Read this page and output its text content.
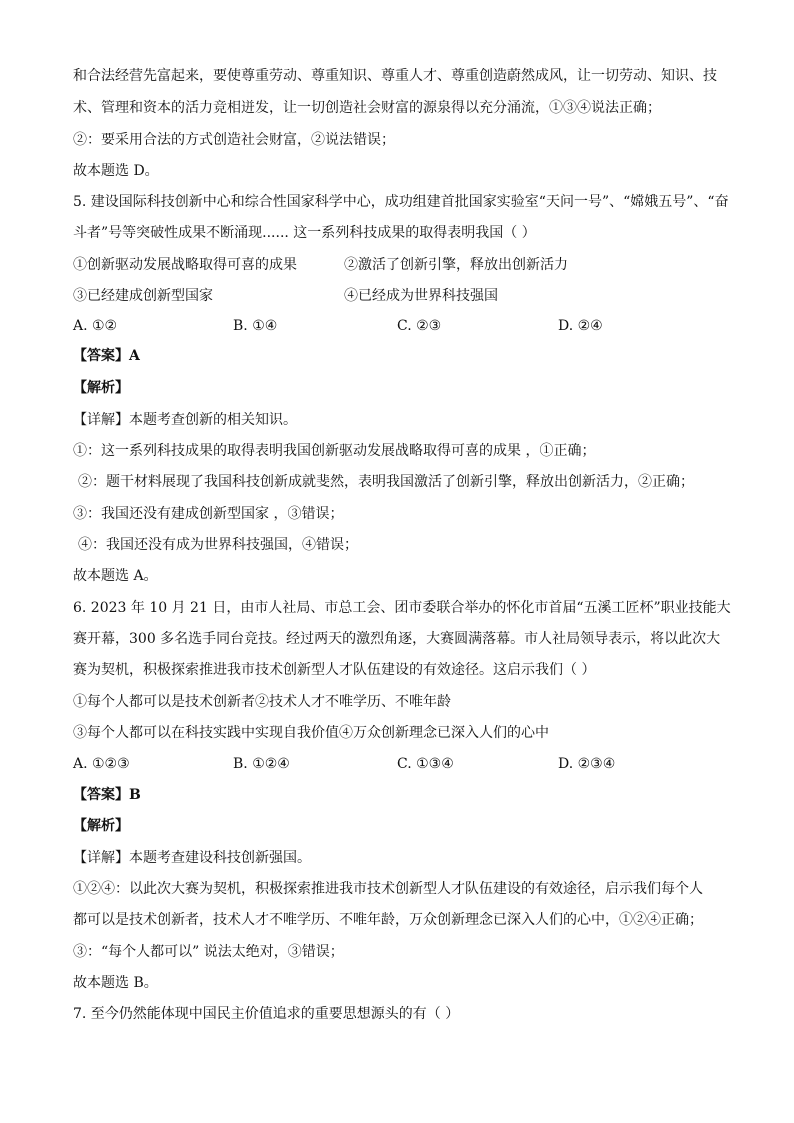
和合法经营先富起来，要使尊重劳动、尊重知识、尊重人才、尊重创造蔚然成风，让一切劳动、知识、技
术、管理和资本的活力竞相迸发，让一切创造社会财富的源泉得以充分涌流，①③④说法正确；
②：要采用合法的方式创造社会财富，②说法错误；
故本题选 D。
5. 建设国际科技创新中心和综合性国家科学中心，成功组建首批国家实验室“天问一号”、“嫦娥五号”、“奋
斗者”号等突破性成果不断涌现...... 这一系列科技成果的取得表明我国（ ）
①创新驱动发展战略取得可喜的成果	②激活了创新引擎，释放出创新活力
③已经建成创新型国家	④已经成为世界科技强国
A. ①②	B. ①④	C. ②③	D. ②④
【答案】A
【解析】
【详解】本题考查创新的相关知识。
①：这一系列科技成果的取得表明我国创新驱动发展战略取得可喜的成果 ，①正确；
②：题干材料展现了我国科技创新成就斐然，表明我国激活了创新引擎，释放出创新活力，②正确；
③：我国还没有建成创新型国家 ，③错误；
④：我国还没有成为世界科技强国，④错误；
故本题选 A。
6. 2023 年 10 月 21 日，由市人社局、市总工会、团市委联合举办的怀化市首届“五溪工匠杯”职业技能大
赛开幕，300 多名选手同台竞技。经过两天的激烈角逐，大赛圆满落幕。市人社局领导表示，将以此次大
赛为契机，积极探索推进我市技术创新型人才队伍建设的有效途径。这启示我们（ ）
①每个人都可以是技术创新者②技术人才不唯学历、不唯年龄
③每个人都可以在科技实践中实现自我价值④万众创新理念已深入人们的心中
A. ①②③	B. ①②④	C. ①③④	D. ②③④
【答案】B
【解析】
【详解】本题考查建设科技创新强国。
①②④：以此次大赛为契机，积极探索推进我市技术创新型人才队伍建设的有效途径，启示我们每个人
都可以是技术创新者，技术人才不唯学历、不唯年龄，万众创新理念已深入人们的心中，①②④正确；
③：“每个人都可以” 说法太绝对，③错误；
故本题选 B。
7. 至今仍然能体现中国民主价值追求的重要思想源头的有（ ）
